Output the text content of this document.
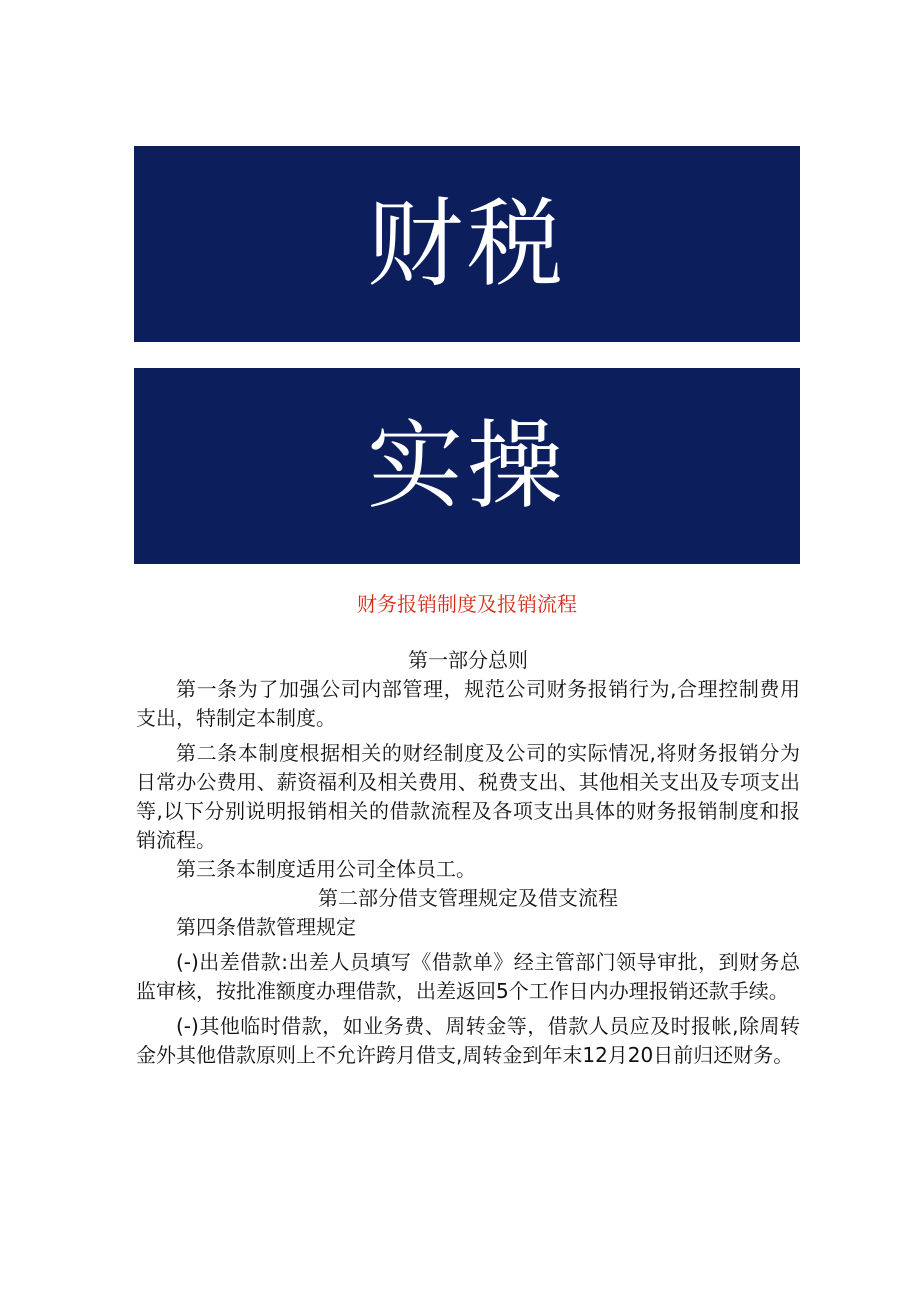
财税
实操
财务报销制度及报销流程

第一部分总则

第一条为了加强公司内部管理，规范公司财务报销行为,合理控制费用支出，特制定本制度。

第二条本制度根据相关的财经制度及公司的实际情况,将财务报销分为日常办公费用、薪资福利及相关费用、税费支出、其他相关支出及专项支出等,以下分别说明报销相关的借款流程及各项支出具体的财务报销制度和报销流程。

第三条本制度适用公司全体员工。

第二部分借支管理规定及借支流程

第四条借款管理规定

(-)出差借款:出差人员填写《借款单》经主管部门领导审批，到财务总监审核，按批准额度办理借款，出差返回5个工作日内办理报销还款手续。

(-)其他临时借款，如业务费、周转金等，借款人员应及时报帐,除周转金外其他借款原则上不允许跨月借支,周转金到年末12月20日前归还财务。
